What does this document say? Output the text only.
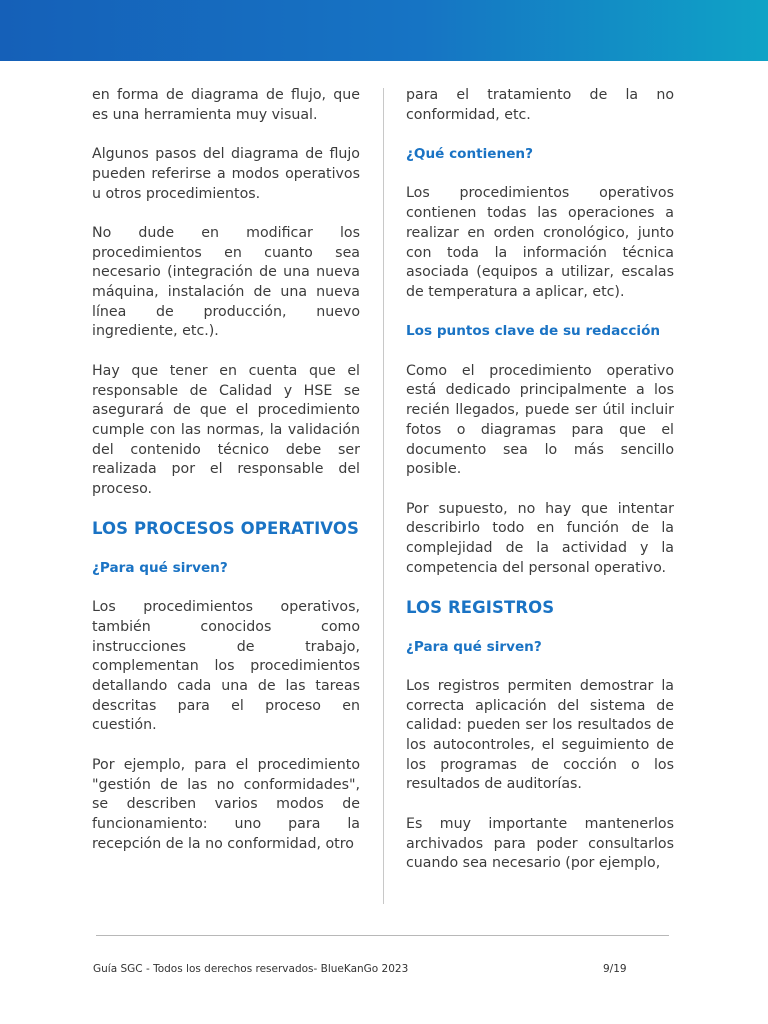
en forma de diagrama de flujo, que es una herramienta muy visual.

Algunos pasos del diagrama de flujo pueden referirse a modos operativos u otros procedimientos.

No dude en modificar los procedimientos en cuanto sea necesario (integración de una nueva máquina, instalación de una nueva línea de producción, nuevo ingrediente, etc.).

Hay que tener en cuenta que el responsable de Calidad y HSE se asegurará de que el procedimiento cumple con las normas, la validación del contenido técnico debe ser realizada por el responsable del proceso.

LOS PROCESOS OPERATIVOS
¿Para qué sirven?

Los procedimientos operativos, también conocidos como instrucciones de trabajo, complementan los procedimientos detallando cada una de las tareas descritas para el proceso en cuestión.

Por ejemplo, para el procedimiento "gestión de las no conformidades", se describen varios modos de funcionamiento: uno para la recepción de la no conformidad, otro

para el tratamiento de la no conformidad, etc.

¿Qué contienen?

Los procedimientos operativos contienen todas las operaciones a realizar en orden cronológico, junto con toda la información técnica asociada (equipos a utilizar, escalas de temperatura a aplicar, etc).

Los puntos clave de su redacción

Como el procedimiento operativo está dedicado principalmente a los recién llegados, puede ser útil incluir fotos o diagramas para que el documento sea lo más sencillo posible.

Por supuesto, no hay que intentar describirlo todo en función de la complejidad de la actividad y la competencia del personal operativo.

LOS REGISTROS
¿Para qué sirven?

Los registros permiten demostrar la correcta aplicación del sistema de calidad: pueden ser los resultados de los autocontroles, el seguimiento de los programas de cocción o los resultados de auditorías.

Es muy importante mantenerlos archivados para poder consultarlos cuando sea necesario (por ejemplo,

Guía SGC - Todos los derechos reservados- BlueKanGo 2023	9/19
